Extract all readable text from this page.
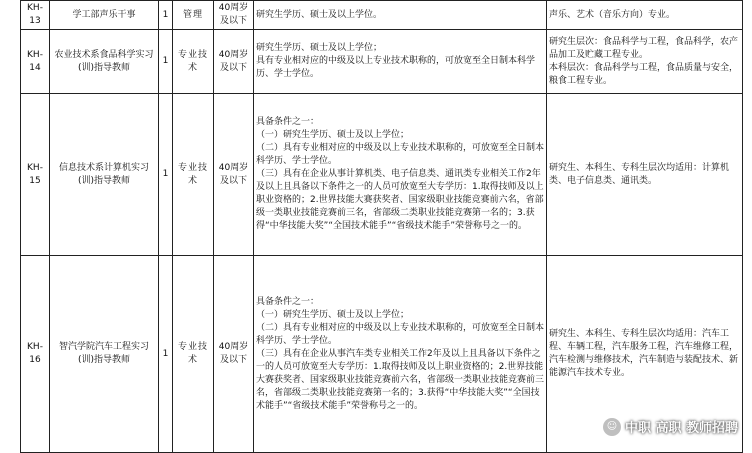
KH-13	学工部声乐干事	1	管理	40周岁及以下	研究生学历、硕士及以上学位。	声乐、艺术（音乐方向）专业。

KH-14	农业技术系食品科学实习(训)指导教师	1	专业技术	40周岁及以下	研究生学历、硕士及以上学位；
具有专业相对应的中级及以上专业技术职称的，可放宽至全日制本科学历、学士学位。	研究生层次：食品科学与工程，食品科学，农产品加工及贮藏工程专业。
本科层次：食品科学与工程，食品质量与安全，粮食工程专业。

KH-15	信息技术系计算机实习(训)指导教师	1	专业技术	40周岁及以下	具备条件之一：
（一）研究生学历、硕士及以上学位；
（二）具有专业相对应的中级及以上专业技术职称的，可放宽至全日制本科学历、学士学位。
（三）具有在企业从事计算机类、电子信息类、通讯类专业相关工作2年及以上且具备以下条件之一的人员可放宽至大专学历：1.取得技师及以上职业资格的；2.世界技能大赛获奖者、国家级职业技能竞赛前六名，省部级一类职业技能竞赛前三名，省部级二类职业技能竞赛第一名的；3.获得“中华技能大奖”“全国技术能手”“省级技术能手”荣誉称号之一的。	研究生、本科生、专科生层次均适用：计算机类、电子信息类、通讯类。

KH-16	智汽学院汽车工程实习(训)指导教师	1	专业技术	40周岁及以下	具备条件之一：
（一）研究生学历、硕士及以上学位；
（二）具有专业相对应的中级及以上专业技术职称的，可放宽至全日制本科学历、学士学位。
（三）具有在企业从事汽车类专业相关工作2年及以上且具备以下条件之一的人员可放宽至大专学历：1.取得技师及以上职业资格的；2.世界技能大赛获奖者、国家级职业技能竞赛前六名，省部级一类职业技能竞赛前三名，省部级二类职业技能竞赛第一名的；3.获得“中华技能大奖”“全国技术能手”“省级技术能手”荣誉称号之一的。	研究生、本科生、专科生层次均适用：汽车工程、车辆工程，汽车服务工程，汽车维修工程，汽车检测与维修技术，汽车制造与装配技术、新能源汽车技术专业。
☺ 中职 高职 教师招聘
